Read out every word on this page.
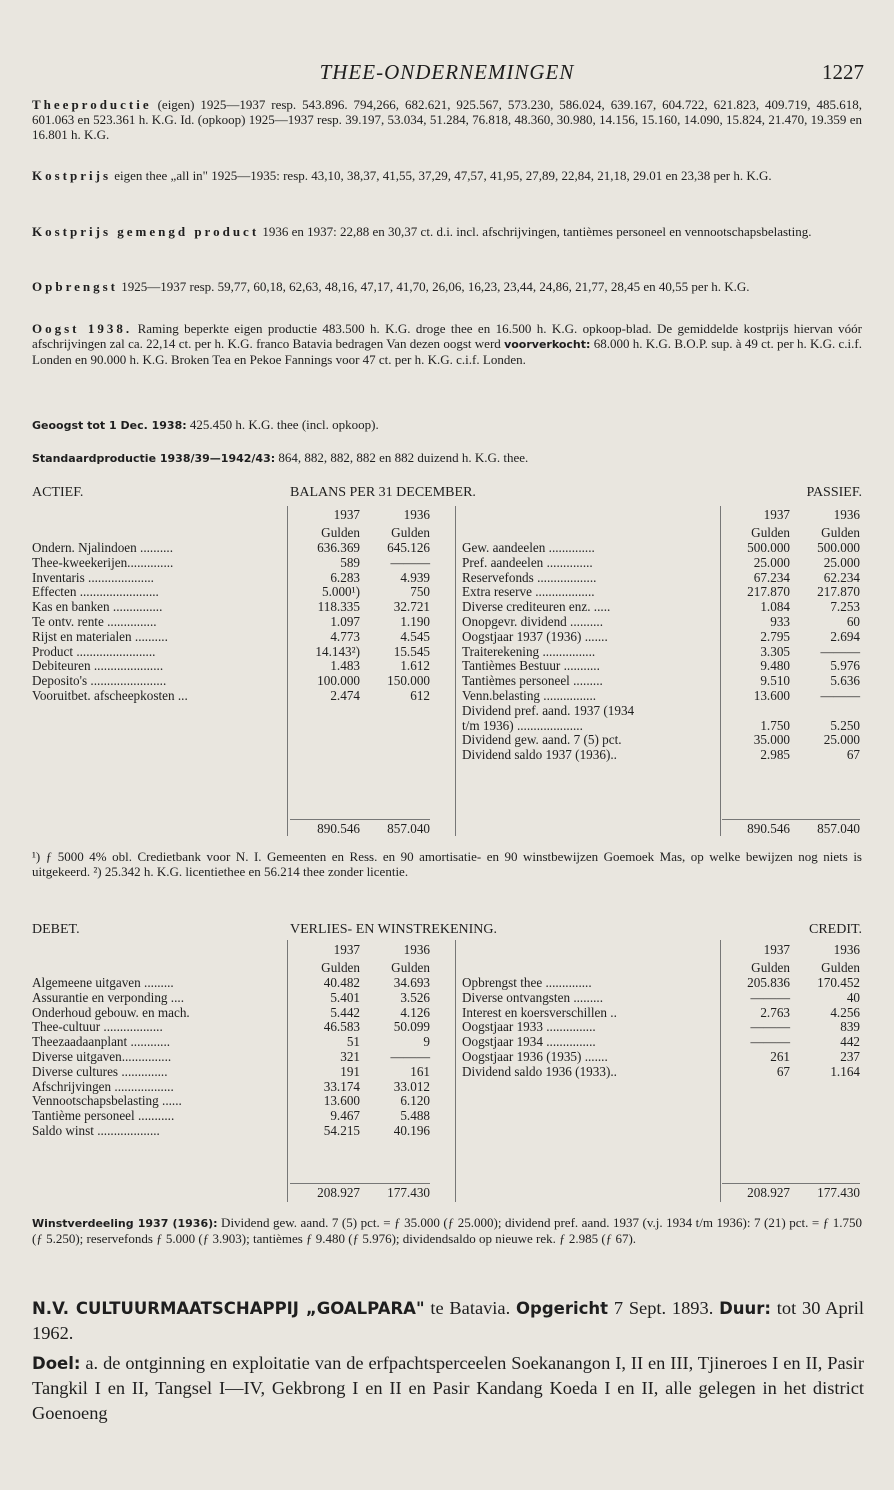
THEE-ONDERNEMINGEN	1227
Theeproductie (eigen) 1925—1937 resp. 543.896. 794,266, 682.621, 925.567, 573.230, 586.024, 639.167, 604.722, 621.823, 409.719, 485.618, 601.063 en 523.361 h. K.G. Id. (opkoop) 1925—1937 resp. 39.197, 53.034, 51.284, 76.818, 48.360, 30.980, 14.156, 15.160, 14.090, 15.824, 21.470, 19.359 en 16.801 h. K.G.
Kostprijs eigen thee „all in" 1925—1935: resp. 43,10, 38,37, 41,55, 37,29, 47,57, 41,95, 27,89, 22,84, 21,18, 29.01 en 23,38 per h. K.G.
Kostprijs gemengd product 1936 en 1937: 22,88 en 30,37 ct. d.i. incl. afschrijvingen, tantièmes personeel en vennootschapsbelasting.
Opbrengst 1925—1937 resp. 59,77, 60,18, 62,63, 48,16, 47,17, 41,70, 26,06, 16,23, 23,44, 24,86, 21,77, 28,45 en 40,55 per h. K.G.
Oogst 1938. Raming beperkte eigen productie 483.500 h. K.G. droge thee en 16.500 h. K.G. opkoop-blad. De gemiddelde kostprijs hiervan vóór afschrijvingen zal ca. 22,14 ct. per h. K.G. franco Batavia bedragen Van dezen oogst werd voorverkocht: 68.000 h. K.G. B.O.P. sup. à 49 ct. per h. K.G. c.i.f. Londen en 90.000 h. K.G. Broken Tea en Pekoe Fannings voor 47 ct. per h. K.G. c.i.f. Londen.
Geoogst tot 1 Dec. 1938: 425.450 h. K.G. thee (incl. opkoop).
Standaardproductie 1938/39—1942/43: 864, 882, 882, 882 en 882 duizend h. K.G. thee.
ACTIEF.	BALANS PER 31 DECEMBER.	PASSIEF.
1937	1936	1937	1936
Gulden	Gulden	Gulden	Gulden
Ondern. Njalindoen ..........	636.369	645.126
Thee-kweekerijen..............	589	———
Inventaris ....................	6.283	4.939
Effecten ........................	5.000¹)	750
Kas en banken ...............	118.335	32.721
Te ontv. rente ...............	1.097	1.190
Rijst en materialen ..........	4.773	4.545
Product ........................	14.143²)	15.545
Debiteuren .....................	1.483	1.612
Deposito's .......................	100.000	150.000
Vooruitbet. afscheepkosten ...	2.474	612
Gew. aandeelen ..............	500.000	500.000
Pref. aandeelen ..............	25.000	25.000
Reservefonds ..................	67.234	62.234
Extra reserve ..................	217.870	217.870
Diverse crediteuren enz. .....	1.084	7.253
Onopgevr. dividend ..........	933	60
Oogstjaar 1937 (1936) .......	2.795	2.694
Traiterekening ................	3.305	———
Tantièmes Bestuur ...........	9.480	5.976
Tantièmes personeel .........	9.510	5.636
Venn.belasting ................	13.600	———
Dividend pref. aand. 1937 (1934
t/m 1936) ....................	1.750	5.250
Dividend gew. aand. 7 (5) pct.	35.000	25.000
Dividend saldo 1937 (1936)..	2.985	67
890.546	857.040	890.546	857.040
¹) ƒ 5000 4% obl. Credietbank voor N. I. Gemeenten en Ress. en 90 amortisatie- en 90 winstbewijzen Goemoek Mas, op welke bewijzen nog niets is uitgekeerd. ²) 25.342 h. K.G. licentiethee en 56.214 thee zonder licentie.
DEBET.	VERLIES- EN WINSTREKENING.	CREDIT.
1937	1936	1937	1936
Gulden	Gulden	Gulden	Gulden
Algemeene uitgaven .........	40.482	34.693
Assurantie en verponding ....	5.401	3.526
Onderhoud gebouw. en mach.	5.442	4.126
Thee-cultuur ..................	46.583	50.099
Theezaadaanplant ............	51	9
Diverse uitgaven...............	321	———
Diverse cultures ..............	191	161
Afschrijvingen ..................	33.174	33.012
Vennootschapsbelasting ......	13.600	6.120
Tantième personeel ...........	9.467	5.488
Saldo winst ...................	54.215	40.196
Opbrengst thee ..............	205.836	170.452
Diverse ontvangsten .........	———	40
Interest en koersverschillen ..	2.763	4.256
Oogstjaar 1933 ...............	———	839
Oogstjaar 1934 ...............	———	442
Oogstjaar 1936 (1935) .......	261	237
Dividend saldo 1936 (1933)..	67	1.164
208.927	177.430	208.927	177.430
Winstverdeeling 1937 (1936): Dividend gew. aand. 7 (5) pct. = ƒ 35.000 (ƒ 25.000); dividend pref. aand. 1937 (v.j. 1934 t/m 1936): 7 (21) pct. = ƒ 1.750 (ƒ 5.250); reservefonds ƒ 5.000 (ƒ 3.903); tantièmes ƒ 9.480 (ƒ 5.976); dividendsaldo op nieuwe rek. ƒ 2.985 (ƒ 67).
N.V. CULTUURMAATSCHAPPIJ „GOALPARA" te Batavia. Opgericht 7 Sept. 1893. Duur: tot 30 April 1962.
Doel: a. de ontginning en exploitatie van de erfpachtsperceelen Soekanangon I, II en III, Tjineroes I en II, Pasir Tangkil I en II, Tangsel I—IV, Gekbrong I en II en Pasir Kandang Koeda I en II, alle gelegen in het district Goenoeng
